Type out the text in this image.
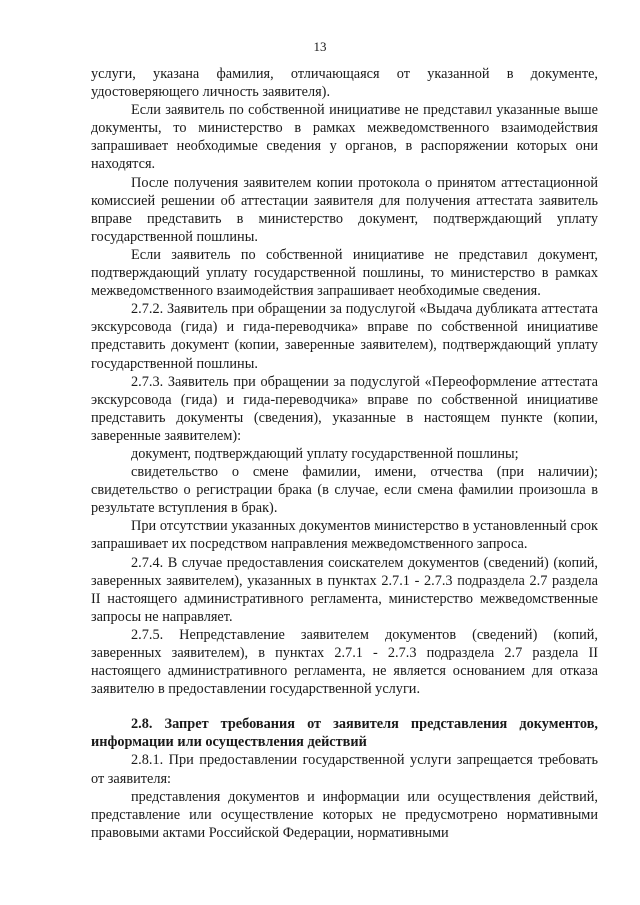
13

услуги, указана фамилия, отличающаяся от указанной в документе, удостоверяющего личность заявителя).

Если заявитель по собственной инициативе не представил указанные выше документы, то министерство в рамках межведомственного взаимодействия запрашивает необходимые сведения у органов, в распоряжении которых они находятся.

После получения заявителем копии протокола о принятом аттестационной комиссией решении об аттестации заявителя для получения аттестата заявитель вправе представить в министерство документ, подтверждающий уплату государственной пошлины.

Если заявитель по собственной инициативе не представил документ, подтверждающий уплату государственной пошлины, то министерство в рамках межведомственного взаимодействия запрашивает необходимые сведения.

2.7.2. Заявитель при обращении за подуслугой «Выдача дубликата аттестата экскурсовода (гида) и гида-переводчика» вправе по собственной инициативе представить документ (копии, заверенные заявителем), подтверждающий уплату государственной пошлины.

2.7.3. Заявитель при обращении за подуслугой «Переоформление аттестата экскурсовода (гида) и гида-переводчика» вправе по собственной инициативе представить документы (сведения), указанные в настоящем пункте (копии, заверенные заявителем):

документ, подтверждающий уплату государственной пошлины;

свидетельство о смене фамилии, имени, отчества (при наличии); свидетельство о регистрации брака (в случае, если смена фамилии произошла в результате вступления в брак).

При отсутствии указанных документов министерство в установленный срок запрашивает их посредством направления межведомственного запроса.

2.7.4. В случае предоставления соискателем документов (сведений) (копий, заверенных заявителем), указанных в пунктах 2.7.1 - 2.7.3 подраздела 2.7 раздела II настоящего административного регламента, министерство межведомственные запросы не направляет.

2.7.5. Непредставление заявителем документов (сведений) (копий, заверенных заявителем), в пунктах 2.7.1 - 2.7.3 подраздела 2.7 раздела II настоящего административного регламента, не является основанием для отказа заявителю в предоставлении государственной услуги.

2.8. Запрет требования от заявителя представления документов, информации или осуществления действий

2.8.1. При предоставлении государственной услуги запрещается требовать от заявителя:

представления документов и информации или осуществления действий, представление или осуществление которых не предусмотрено нормативными правовыми актами Российской Федерации, нормативными
